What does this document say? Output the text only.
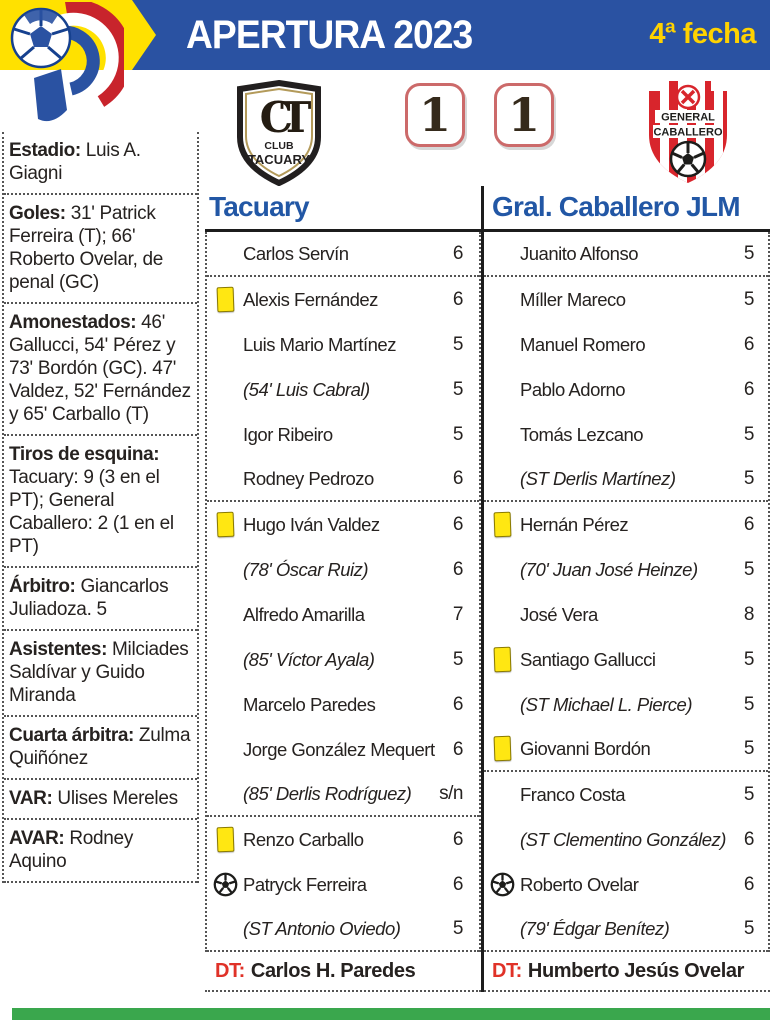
APERTURA 2023	4ª fecha
Estadio: Luis A. Giagni
Goles: 31' Patrick Ferreira (T); 66' Roberto Ovelar, de penal (GC)
Amonestados: 46' Gallucci, 54' Pérez y 73' Bordón (GC). 47' Valdez, 52' Fernández y 65' Carballo (T)
Tiros de esquina: Tacuary: 9 (3 en el PT); General Caballero: 2 (1 en el PT)
Árbitro: Giancarlos Juliadoza. 5
Asistentes: Milciades Saldívar y Guido Miranda
Cuarta árbitra: Zulma Quiñónez
VAR: Ulises Mereles
AVAR: Rodney Aquino
CT
CLUB
TACUARY
1	1	GENERAL
CABALLERO
Tacuary	Gral. Caballero JLM
Carlos Servín	6
Alexis Fernández	6
Luis Mario Martínez	5
(54' Luis Cabral)	5
Igor Ribeiro	5
Rodney Pedrozo	6
Hugo Iván Valdez	6
(78' Óscar Ruiz)	6
Alfredo Amarilla	7
(85' Víctor Ayala)	5
Marcelo Paredes	6
Jorge González Mequert 6
(85' Derlis Rodríguez)	s/n
Renzo Carballo	6
Patryck Ferreira	6
(ST Antonio Oviedo)	5
Juanito Alfonso	5
Míller Mareco	5
Manuel Romero	6
Pablo Adorno	6
Tomás Lezcano	5
(ST Derlis Martínez)	5
Hernán Pérez	6
(70' Juan José Heinze)	5
José Vera	8
Santiago Gallucci	5
(ST Michael L. Pierce)	5
Giovanni Bordón	5
Franco Costa	5
(ST Clementino González) 6
Roberto Ovelar	6
(79' Édgar Benítez)	5
DT: Carlos H. Paredes	DT: Humberto Jesús Ovelar
